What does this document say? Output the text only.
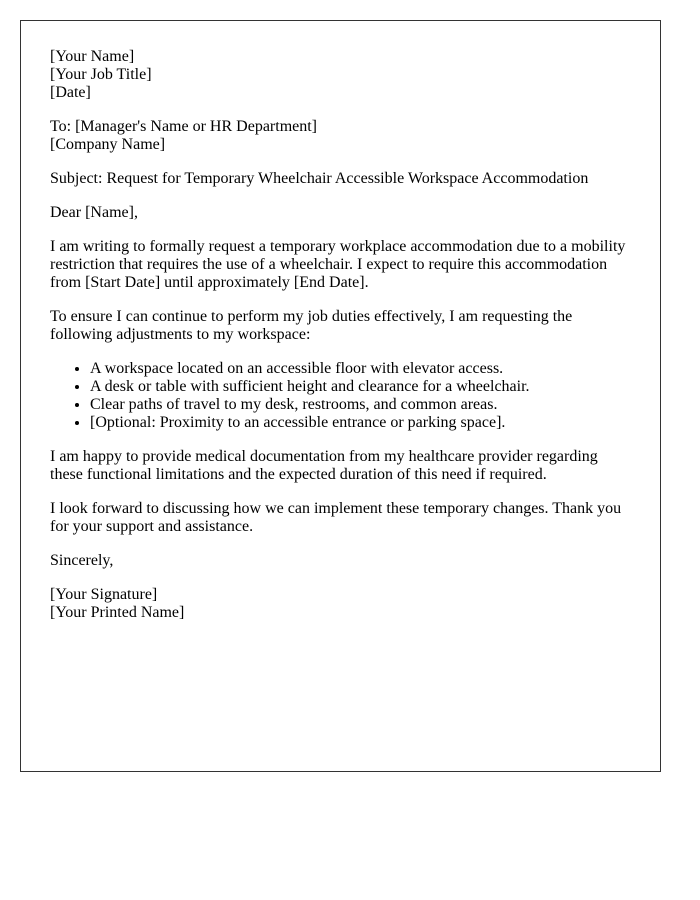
[Your Name]
[Your Job Title]
[Date]

To: [Manager's Name or HR Department]
[Company Name]

Subject: Request for Temporary Wheelchair Accessible Workspace Accommodation

Dear [Name],

I am writing to formally request a temporary workplace accommodation due to a mobility restriction that requires the use of a wheelchair. I expect to require this accommodation from [Start Date] until approximately [End Date].

To ensure I can continue to perform my job duties effectively, I am requesting the following adjustments to my workspace:

• A workspace located on an accessible floor with elevator access.
• A desk or table with sufficient height and clearance for a wheelchair.
• Clear paths of travel to my desk, restrooms, and common areas.
• [Optional: Proximity to an accessible entrance or parking space].

I am happy to provide medical documentation from my healthcare provider regarding these functional limitations and the expected duration of this need if required.

I look forward to discussing how we can implement these temporary changes. Thank you for your support and assistance.

Sincerely,

[Your Signature]
[Your Printed Name]
